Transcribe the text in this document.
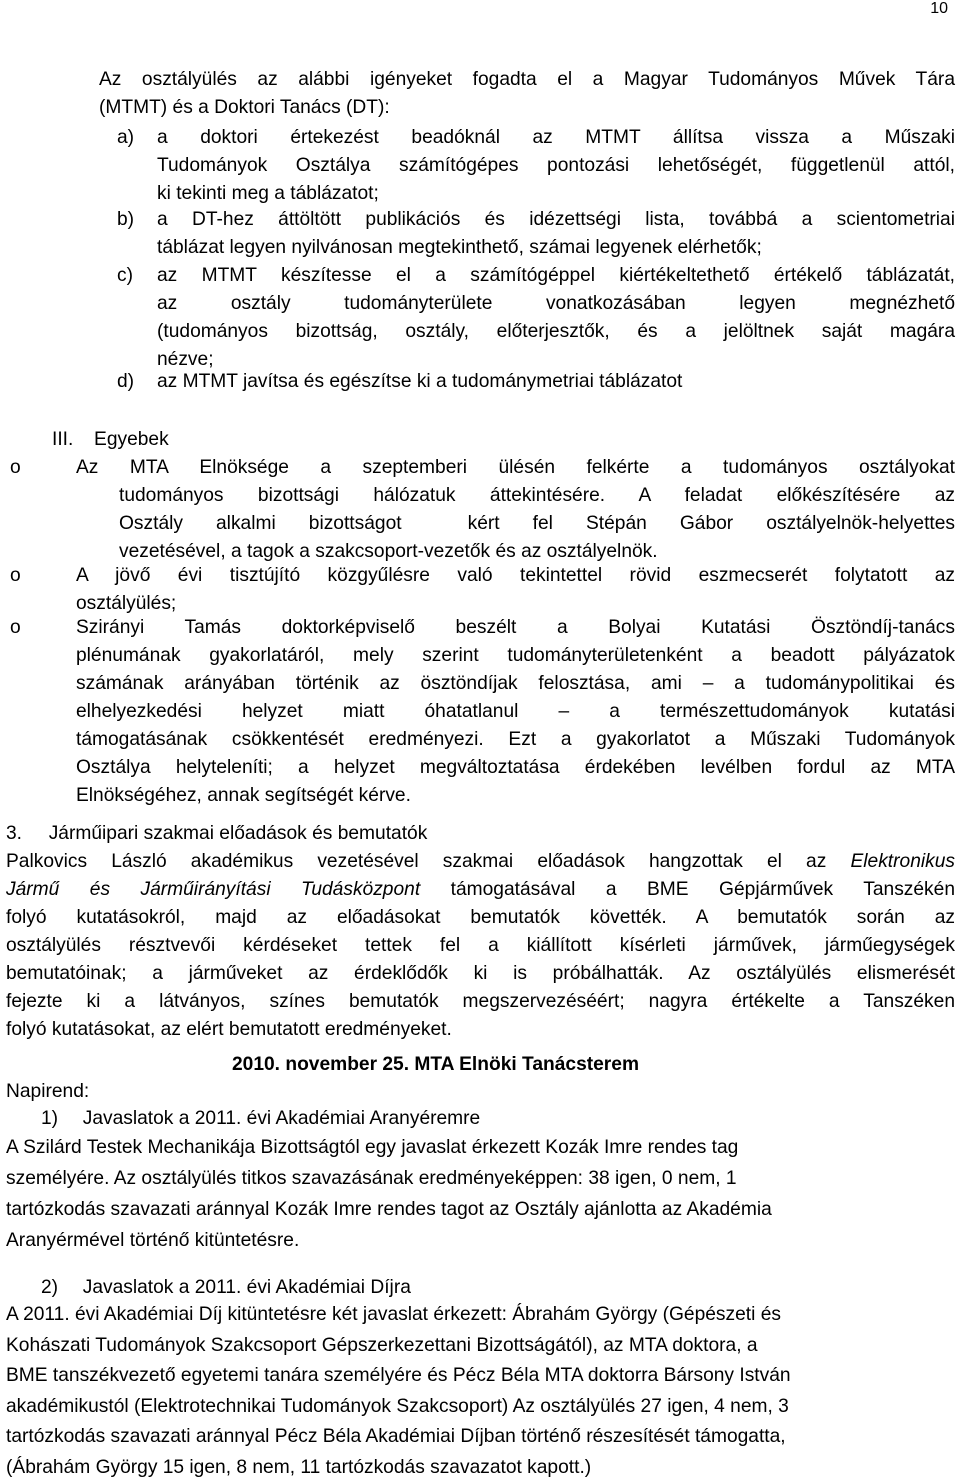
10
Az osztályülés az alábbi igényeket fogadta el a Magyar Tudományos Művek Tára
(MTMT) és a Doktori Tanács (DT):
a) a doktori értekezést beadóknál az MTMT állítsa vissza a Műszaki
Tudományok Osztálya számítógépes pontozási lehetőségét, függetlenül attól,
ki tekinti meg a táblázatot;
b) a DT-hez áttöltött publikációs és idézettségi lista, továbbá a scientometriai
táblázat legyen nyilvánosan megtekinthető, számai legyenek elérhetők;
c) az MTMT készítesse el a számítógéppel kiértékeltethető értékelő táblázatát,
az osztály tudományterülete vonatkozásában legyen megnézhető
(tudományos bizottság, osztály, előterjesztők, és a jelöltnek saját magára
nézve;
d) az MTMT javítsa és egészítse ki a tudománymetriai táblázatot
III. Egyebek
o	Az MTA Elnöksége a szeptemberi ülésén felkérte a tudományos osztályokat
tudományos bizottsági hálózatuk áttekintésére. A feladat előkészítésére az
Osztály alkalmi bizottságot  kért fel Stépán Gábor osztályelnök-helyettes
vezetésével, a tagok a szakcsoport-vezetők és az osztályelnök.
o	A jövő évi tisztújító közgyűlésre való tekintettel rövid eszmecserét folytatott az
osztályülés;
o	Szirányi Tamás doktorképviselő beszélt a Bolyai Kutatási Ösztöndíj-tanács
plénumának gyakorlatáról, mely szerint tudományterületenként a beadott pályázatok
számának arányában történik az ösztöndíjak felosztása, ami – a tudománypolitikai és
elhelyezkedési helyzet miatt óhatatlanul – a természettudományok kutatási
támogatásának csökkentését eredményezi. Ezt a gyakorlatot a Műszaki Tudományok
Osztálya helyteleníti; a helyzet megváltoztatása érdekében levélben fordul az MTA
Elnökségéhez, annak segítségét kérve.
3. Járműipari szakmai előadások és bemutatók
Palkovics László akadémikus vezetésével szakmai előadások hangzottak el az Elektronikus
Jármű és Járműirányítási Tudásközpont támogatásával a BME Gépjárművek Tanszékén
folyó kutatásokról, majd az előadásokat bemutatók követték. A bemutatók során az
osztályülés résztvevői kérdéseket tettek fel a kiállított kísérleti járművek, járműegységek
bemutatóinak; a járműveket az érdeklődők ki is próbálhatták. Az osztályülés elismerését
fejezte ki a látványos, színes bemutatók megszervezéséért; nagyra értékelte a Tanszéken
folyó kutatásokat, az elért bemutatott eredményeket.
2010. november 25. MTA Elnöki Tanácsterem
Napirend:
1) Javaslatok a 2011. évi Akadémiai Aranyéremre
A Szilárd Testek Mechanikája Bizottságtól egy javaslat érkezett Kozák Imre rendes tag
személyére. Az osztályülés titkos szavazásának eredményeképpen: 38 igen, 0 nem, 1
tartózkodás szavazati aránnyal Kozák Imre rendes tagot az Osztály ajánlotta az Akadémia
Aranyérmével történő kitüntetésre.
2) Javaslatok a 2011. évi Akadémiai Díjra
A 2011. évi Akadémiai Díj kitüntetésre két javaslat érkezett: Ábrahám György (Gépészeti és
Kohászati Tudományok Szakcsoport Gépszerkezettani Bizottságától), az MTA doktora, a
BME tanszékvezető egyetemi tanára személyére és Pécz Béla MTA doktorra Bársony István
akadémikustól (Elektrotechnikai Tudományok Szakcsoport) Az osztályülés 27 igen, 4 nem, 3
tartózkodás szavazati aránnyal Pécz Béla Akadémiai Díjban történő részesítését támogatta,
(Ábrahám György 15 igen, 8 nem, 11 tartózkodás szavazatot kapott.)
